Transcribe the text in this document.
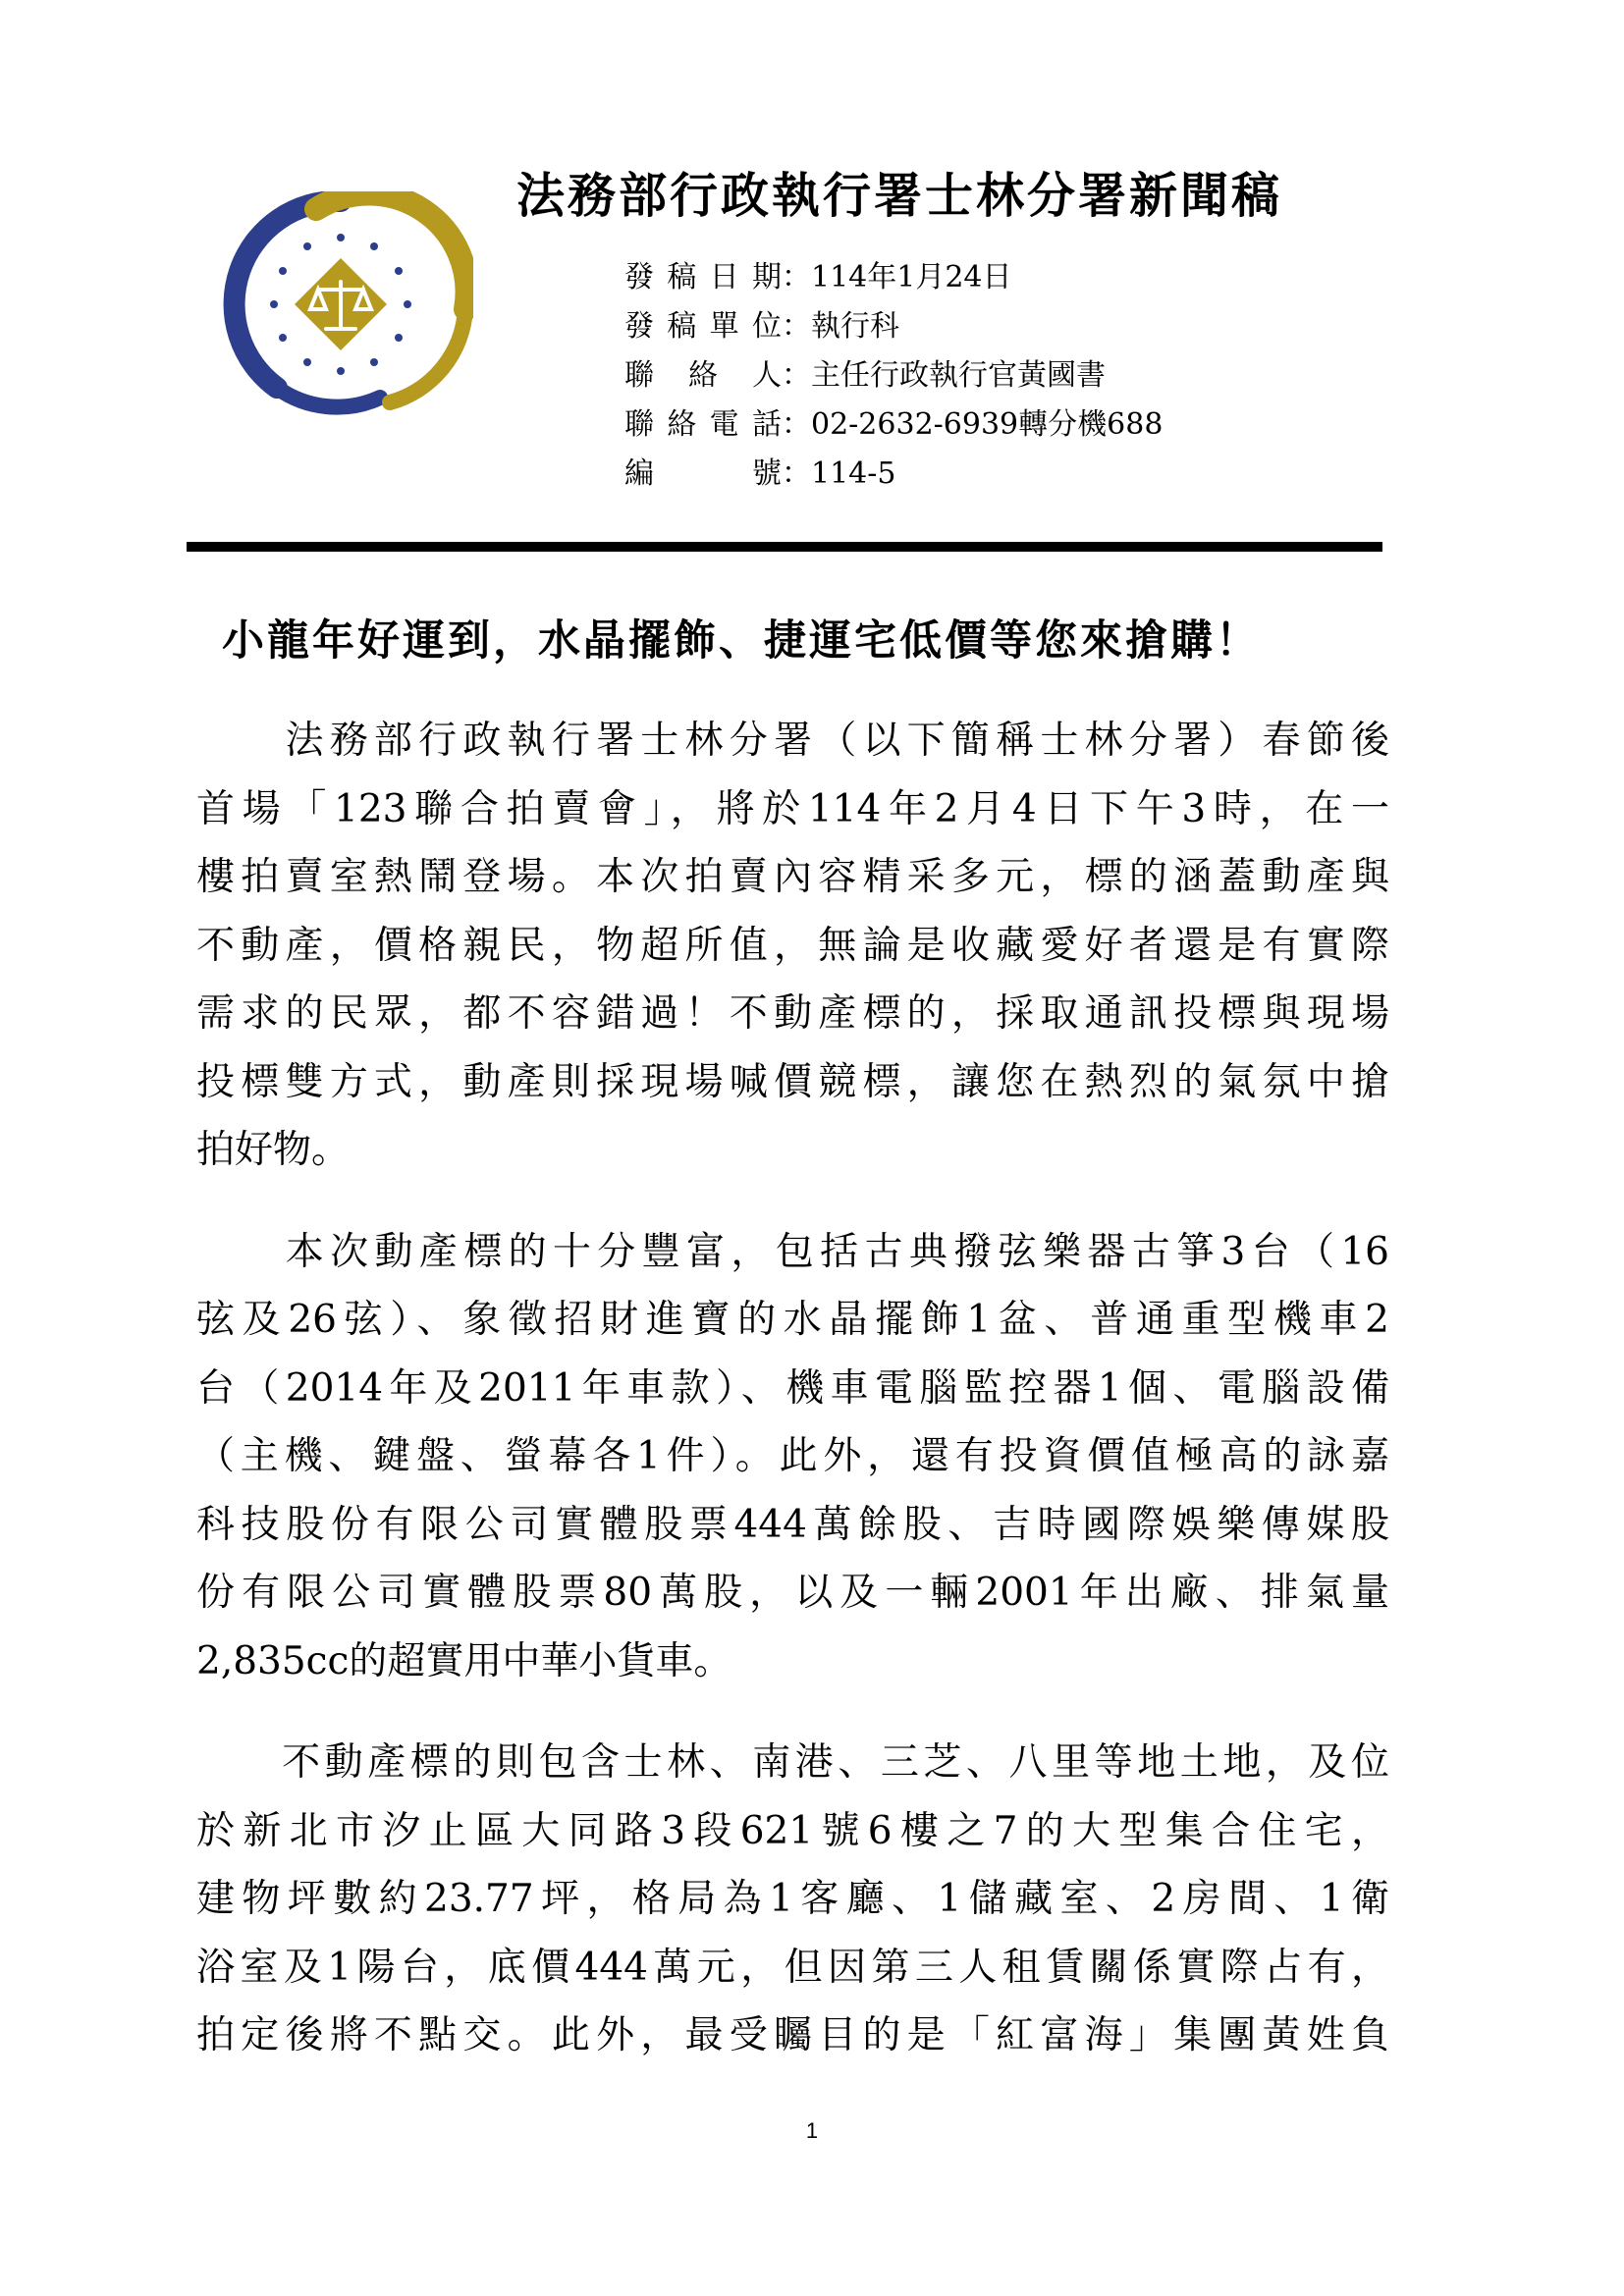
法務部行政執行署士林分署新聞稿
發稿日期 ： 114年1月24日
發稿單位 ： 執行科
聯 絡 人 ： 主任行政執行官黃國書
聯絡電話 ： 02-2632-6939轉分機688
編      號 ： 114-5
小龍年好運到，水晶擺飾、捷運宅低價等您來搶購！
　　法務部行政執行署士林分署（以下簡稱士林分署）春節後
首場「123聯合拍賣會」，將於114年2月4日下午3時，在一
樓拍賣室熱鬧登場。本次拍賣內容精采多元，標的涵蓋動產與
不動產，價格親民，物超所值，無論是收藏愛好者還是有實際
需求的民眾，都不容錯過！不動產標的，採取通訊投標與現場
投標雙方式，動產則採現場喊價競標，讓您在熱烈的氣氛中搶
拍好物。
　　本次動產標的十分豐富，包括古典撥弦樂器古箏3台（16
弦及26弦）、象徵招財進寶的水晶擺飾1盆、普通重型機車2
台（2014年及2011年車款）、機車電腦監控器1個、電腦設備
（主機、鍵盤、螢幕各1件）。此外，還有投資價值極高的詠嘉
科技股份有限公司實體股票444萬餘股、吉時國際娛樂傳媒股
份有限公司實體股票80萬股，以及一輛2001年出廠、排氣量
2,835cc的超實用中華小貨車。
　　不動產標的則包含士林、南港、三芝、八里等地土地，及位
於新北市汐止區大同路3段621號6樓之7的大型集合住宅，
建物坪數約23.77坪，格局為1客廳、1儲藏室、2房間、1衛
浴室及1陽台，底價444萬元，但因第三人租賃關係實際占有，
拍定後將不點交。此外，最受矚目的是「紅富海」集團黃姓負
1
